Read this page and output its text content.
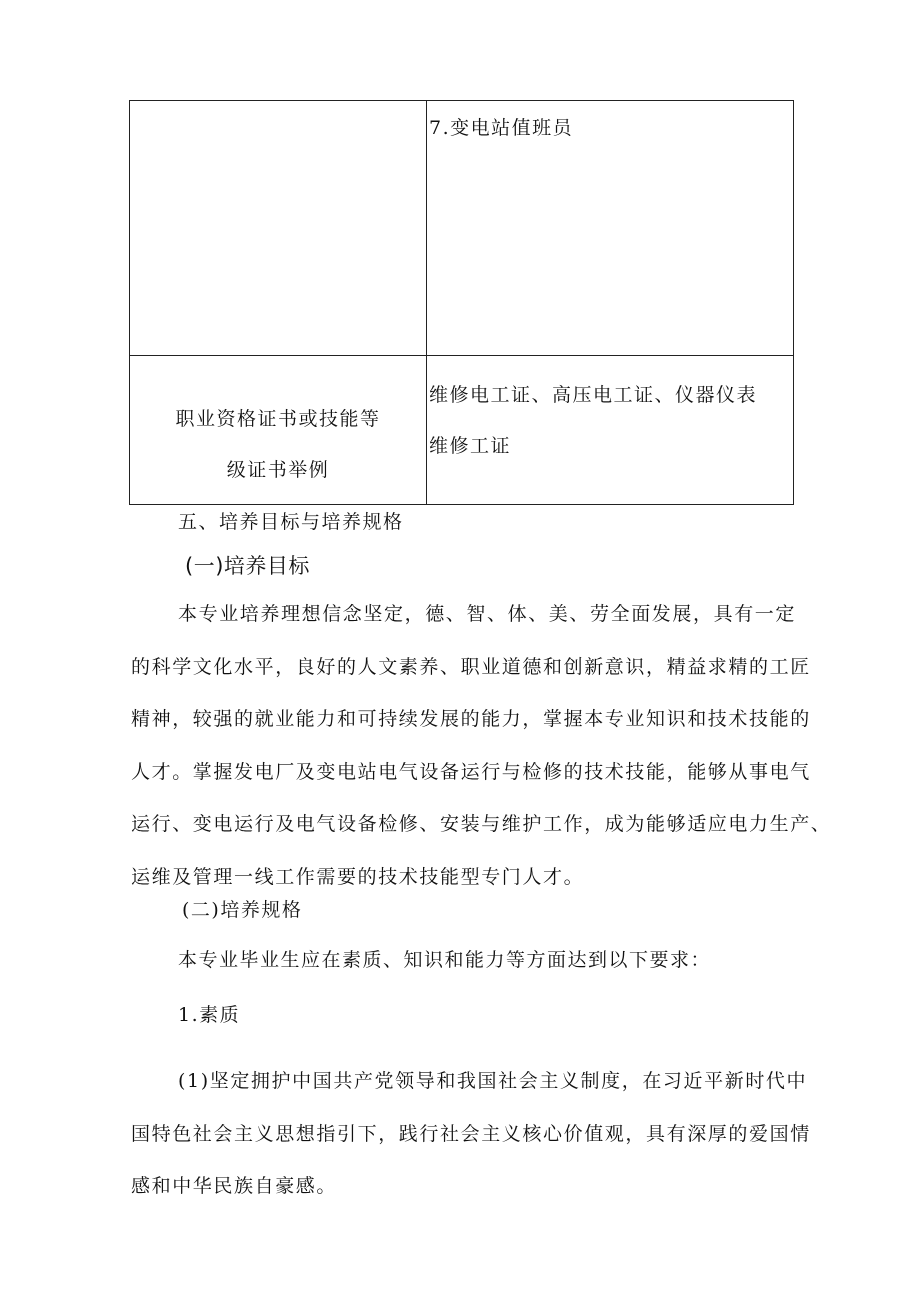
	7.变电站值班员

职业资格证书或技能等
级证书举例	维修电工证、高压电工证、仪器仪表
维修工证
五、培养目标与培养规格
(一)培养目标
本专业培养理想信念坚定，德、智、体、美、劳全面发展，具有一定
的科学文化水平，良好的人文素养、职业道德和创新意识，精益求精的工匠
精神，较强的就业能力和可持续发展的能力，掌握本专业知识和技术技能的
人才。掌握发电厂及变电站电气设备运行与检修的技术技能，能够从事电气
运行、变电运行及电气设备检修、安装与维护工作，成为能够适应电力生产、
运维及管理一线工作需要的技术技能型专门人才。
(二)培养规格
本专业毕业生应在素质、知识和能力等方面达到以下要求：
1.素质
(1)坚定拥护中国共产党领导和我国社会主义制度，在习近平新时代中
国特色社会主义思想指引下，践行社会主义核心价值观，具有深厚的爱国情
感和中华民族自豪感。
